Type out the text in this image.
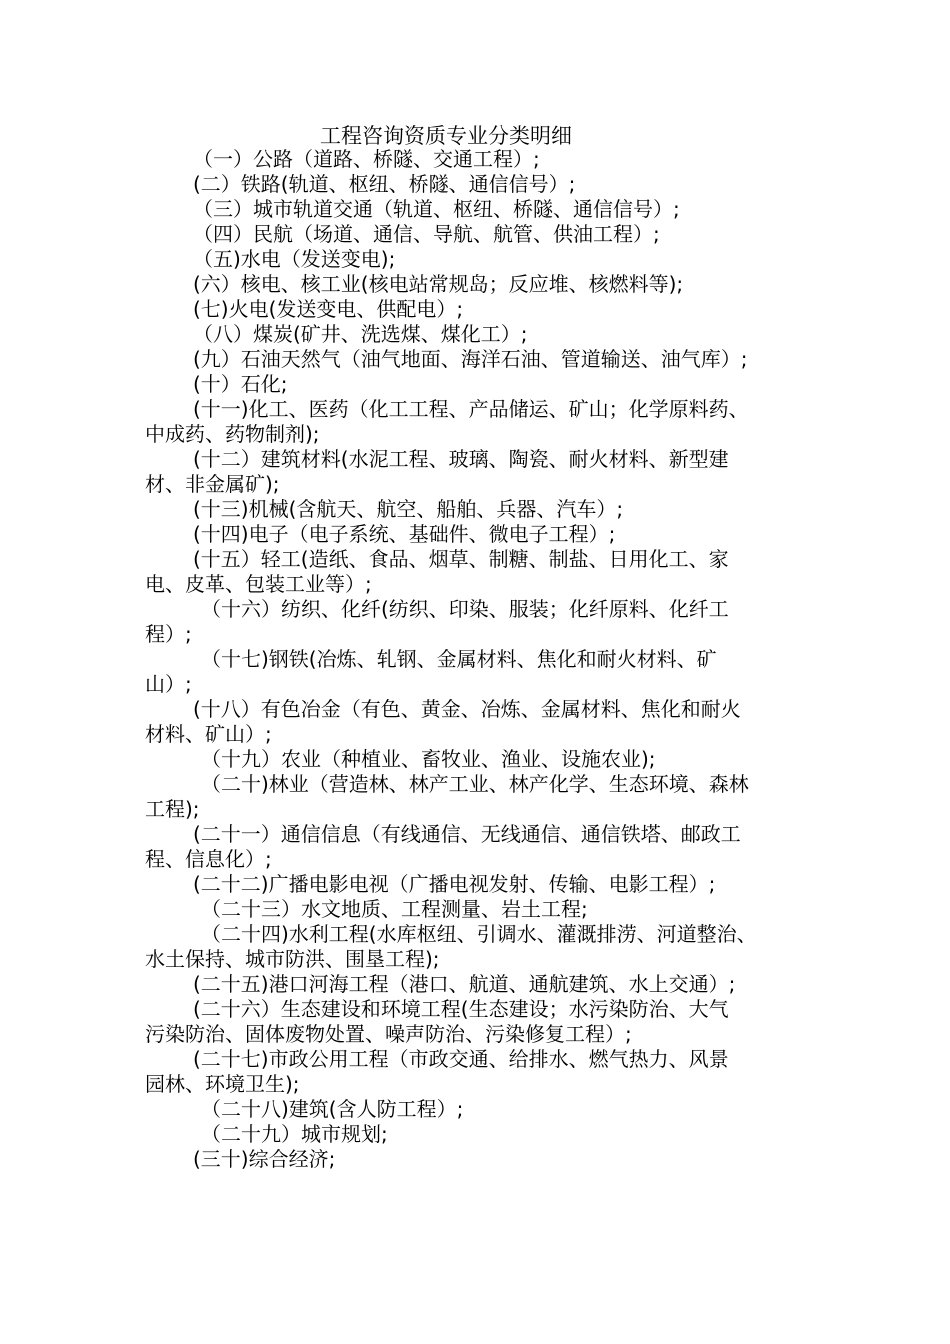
工程咨询资质专业分类明细
（一）公路（道路、桥隧、交通工程）;
(二）铁路(轨道、枢纽、桥隧、通信信号）;
（三）城市轨道交通（轨道、枢纽、桥隧、通信信号）;
（四）民航（场道、通信、导航、航管、供油工程）;
（五)水电（发送变电);
(六）核电、核工业(核电站常规岛；反应堆、核燃料等);
(七)火电(发送变电、供配电）;
（八）煤炭(矿井、洗选煤、煤化工）;
(九）石油天然气（油气地面、海洋石油、管道输送、油气库）;
(十）石化;
(十一)化工、医药（化工工程、产品储运、矿山；化学原料药、
中成药、药物制剂);
(十二）建筑材料(水泥工程、玻璃、陶瓷、耐火材料、新型建
材、非金属矿);
(十三)机械(含航天、航空、船舶、兵器、汽车）;
(十四)电子（电子系统、基础件、微电子工程）;
(十五）轻工(造纸、食品、烟草、制糖、制盐、日用化工、家
电、皮革、包装工业等）;
（十六）纺织、化纤(纺织、印染、服装；化纤原料、化纤工
程）;
（十七)钢铁(冶炼、轧钢、金属材料、焦化和耐火材料、矿
山）;
(十八）有色冶金（有色、黄金、冶炼、金属材料、焦化和耐火
材料、矿山）;
（十九）农业（种植业、畜牧业、渔业、设施农业);
（二十)林业（营造林、林产工业、林产化学、生态环境、森林
工程);
(二十一）通信信息（有线通信、无线通信、通信铁塔、邮政工
程、信息化）;
(二十二)广播电影电视（广播电视发射、传输、电影工程）;
（二十三）水文地质、工程测量、岩土工程;
（二十四)水利工程(水库枢纽、引调水、灌溉排涝、河道整治、
水土保持、城市防洪、围垦工程);
(二十五)港口河海工程（港口、航道、通航建筑、水上交通）;
(二十六）生态建设和环境工程(生态建设；水污染防治、大气
污染防治、固体废物处置、噪声防治、污染修复工程）;
(二十七)市政公用工程（市政交通、给排水、燃气热力、风景
园林、环境卫生);
（二十八)建筑(含人防工程）;
（二十九）城市规划;
(三十)综合经济;
